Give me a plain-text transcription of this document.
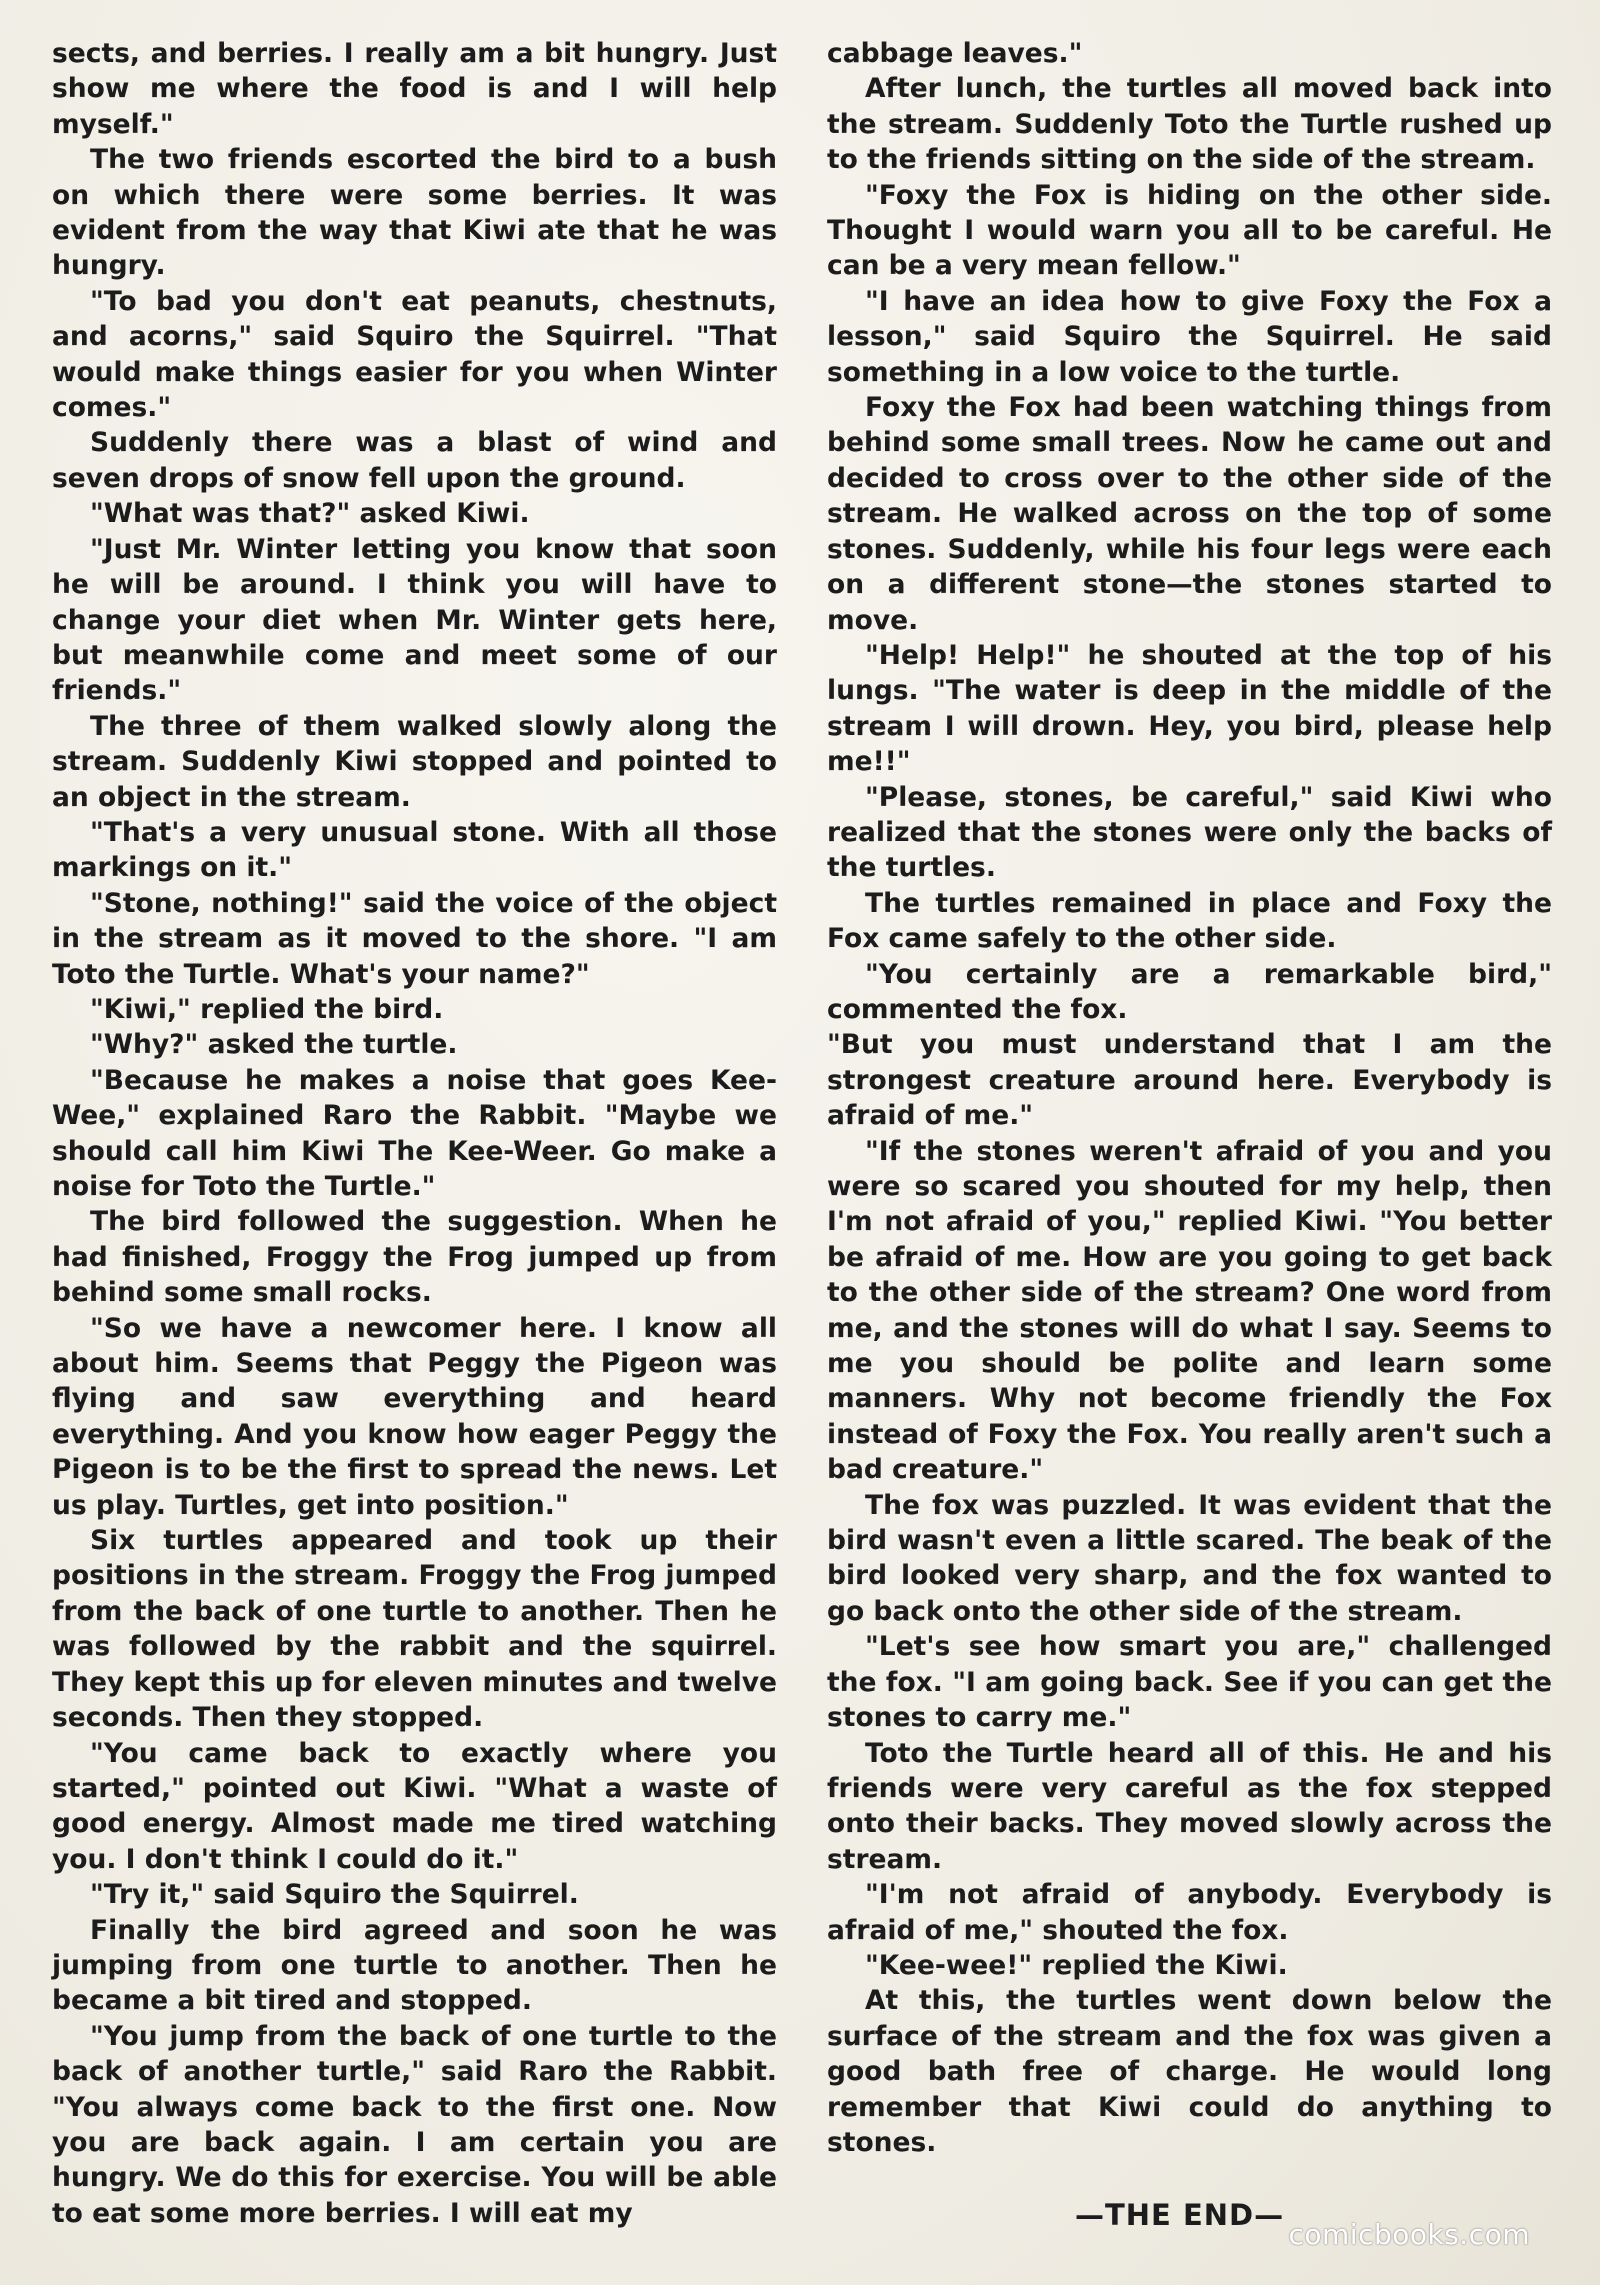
sects, and berries. I really am a bit hungry. Just show me where the food is and I will help myself."

The two friends escorted the bird to a bush on which there were some berries. It was evident from the way that Kiwi ate that he was hungry.

"To bad you don't eat peanuts, chestnuts, and acorns," said Squiro the Squirrel. "That would make things easier for you when Winter comes."

Suddenly there was a blast of wind and seven drops of snow fell upon the ground.

"What was that?" asked Kiwi.

"Just Mr. Winter letting you know that soon he will be around. I think you will have to change your diet when Mr. Winter gets here, but meanwhile come and meet some of our friends."

The three of them walked slowly along the stream. Suddenly Kiwi stopped and pointed to an object in the stream.

"That's a very unusual stone. With all those markings on it."

"Stone, nothing!" said the voice of the object in the stream as it moved to the shore. "I am Toto the Turtle. What's your name?"

"Kiwi," replied the bird.

"Why?" asked the turtle.

"Because he makes a noise that goes Kee-Wee," explained Raro the Rabbit. "Maybe we should call him Kiwi The Kee-Weer. Go make a noise for Toto the Turtle."

The bird followed the suggestion. When he had finished, Froggy the Frog jumped up from behind some small rocks.

"So we have a newcomer here. I know all about him. Seems that Peggy the Pigeon was flying and saw everything and heard everything. And you know how eager Peggy the Pigeon is to be the first to spread the news. Let us play. Turtles, get into position."

Six turtles appeared and took up their positions in the stream. Froggy the Frog jumped from the back of one turtle to another. Then he was followed by the rabbit and the squirrel. They kept this up for eleven minutes and twelve seconds. Then they stopped.

"You came back to exactly where you started," pointed out Kiwi. "What a waste of good energy. Almost made me tired watching you. I don't think I could do it."

"Try it," said Squiro the Squirrel.

Finally the bird agreed and soon he was jumping from one turtle to another. Then he became a bit tired and stopped.

"You jump from the back of one turtle to the back of another turtle," said Raro the Rabbit. "You always come back to the first one. Now you are back again. I am certain you are hungry. We do this for exercise. You will be able to eat some more berries. I will eat my

cabbage leaves."

After lunch, the turtles all moved back into the stream. Suddenly Toto the Turtle rushed up to the friends sitting on the side of the stream.

"Foxy the Fox is hiding on the other side. Thought I would warn you all to be careful. He can be a very mean fellow."

"I have an idea how to give Foxy the Fox a lesson," said Squiro the Squirrel. He said something in a low voice to the turtle.

Foxy the Fox had been watching things from behind some small trees. Now he came out and decided to cross over to the other side of the stream. He walked across on the top of some stones. Suddenly, while his four legs were each on a different stone—the stones started to move.

"Help! Help!" he shouted at the top of his lungs. "The water is deep in the middle of the stream I will drown. Hey, you bird, please help me!!"

"Please, stones, be careful," said Kiwi who realized that the stones were only the backs of the turtles.

The turtles remained in place and Foxy the Fox came safely to the other side.

"You certainly are a remarkable bird," commented the fox.

"But you must understand that I am the strongest creature around here. Everybody is afraid of me."

"If the stones weren't afraid of you and you were so scared you shouted for my help, then I'm not afraid of you," replied Kiwi. "You better be afraid of me. How are you going to get back to the other side of the stream? One word from me, and the stones will do what I say. Seems to me you should be polite and learn some manners. Why not become friendly the Fox instead of Foxy the Fox. You really aren't such a bad creature."

The fox was puzzled. It was evident that the bird wasn't even a little scared. The beak of the bird looked very sharp, and the fox wanted to go back onto the other side of the stream.

"Let's see how smart you are," challenged the fox. "I am going back. See if you can get the stones to carry me."

Toto the Turtle heard all of this. He and his friends were very careful as the fox stepped onto their backs. They moved slowly across the stream.

"I'm not afraid of anybody. Everybody is afraid of me," shouted the fox.

"Kee-wee!" replied the Kiwi.

At this, the turtles went down below the surface of the stream and the fox was given a good bath free of charge. He would long remember that Kiwi could do anything to stones.

—THE END—
comicbooks.com
